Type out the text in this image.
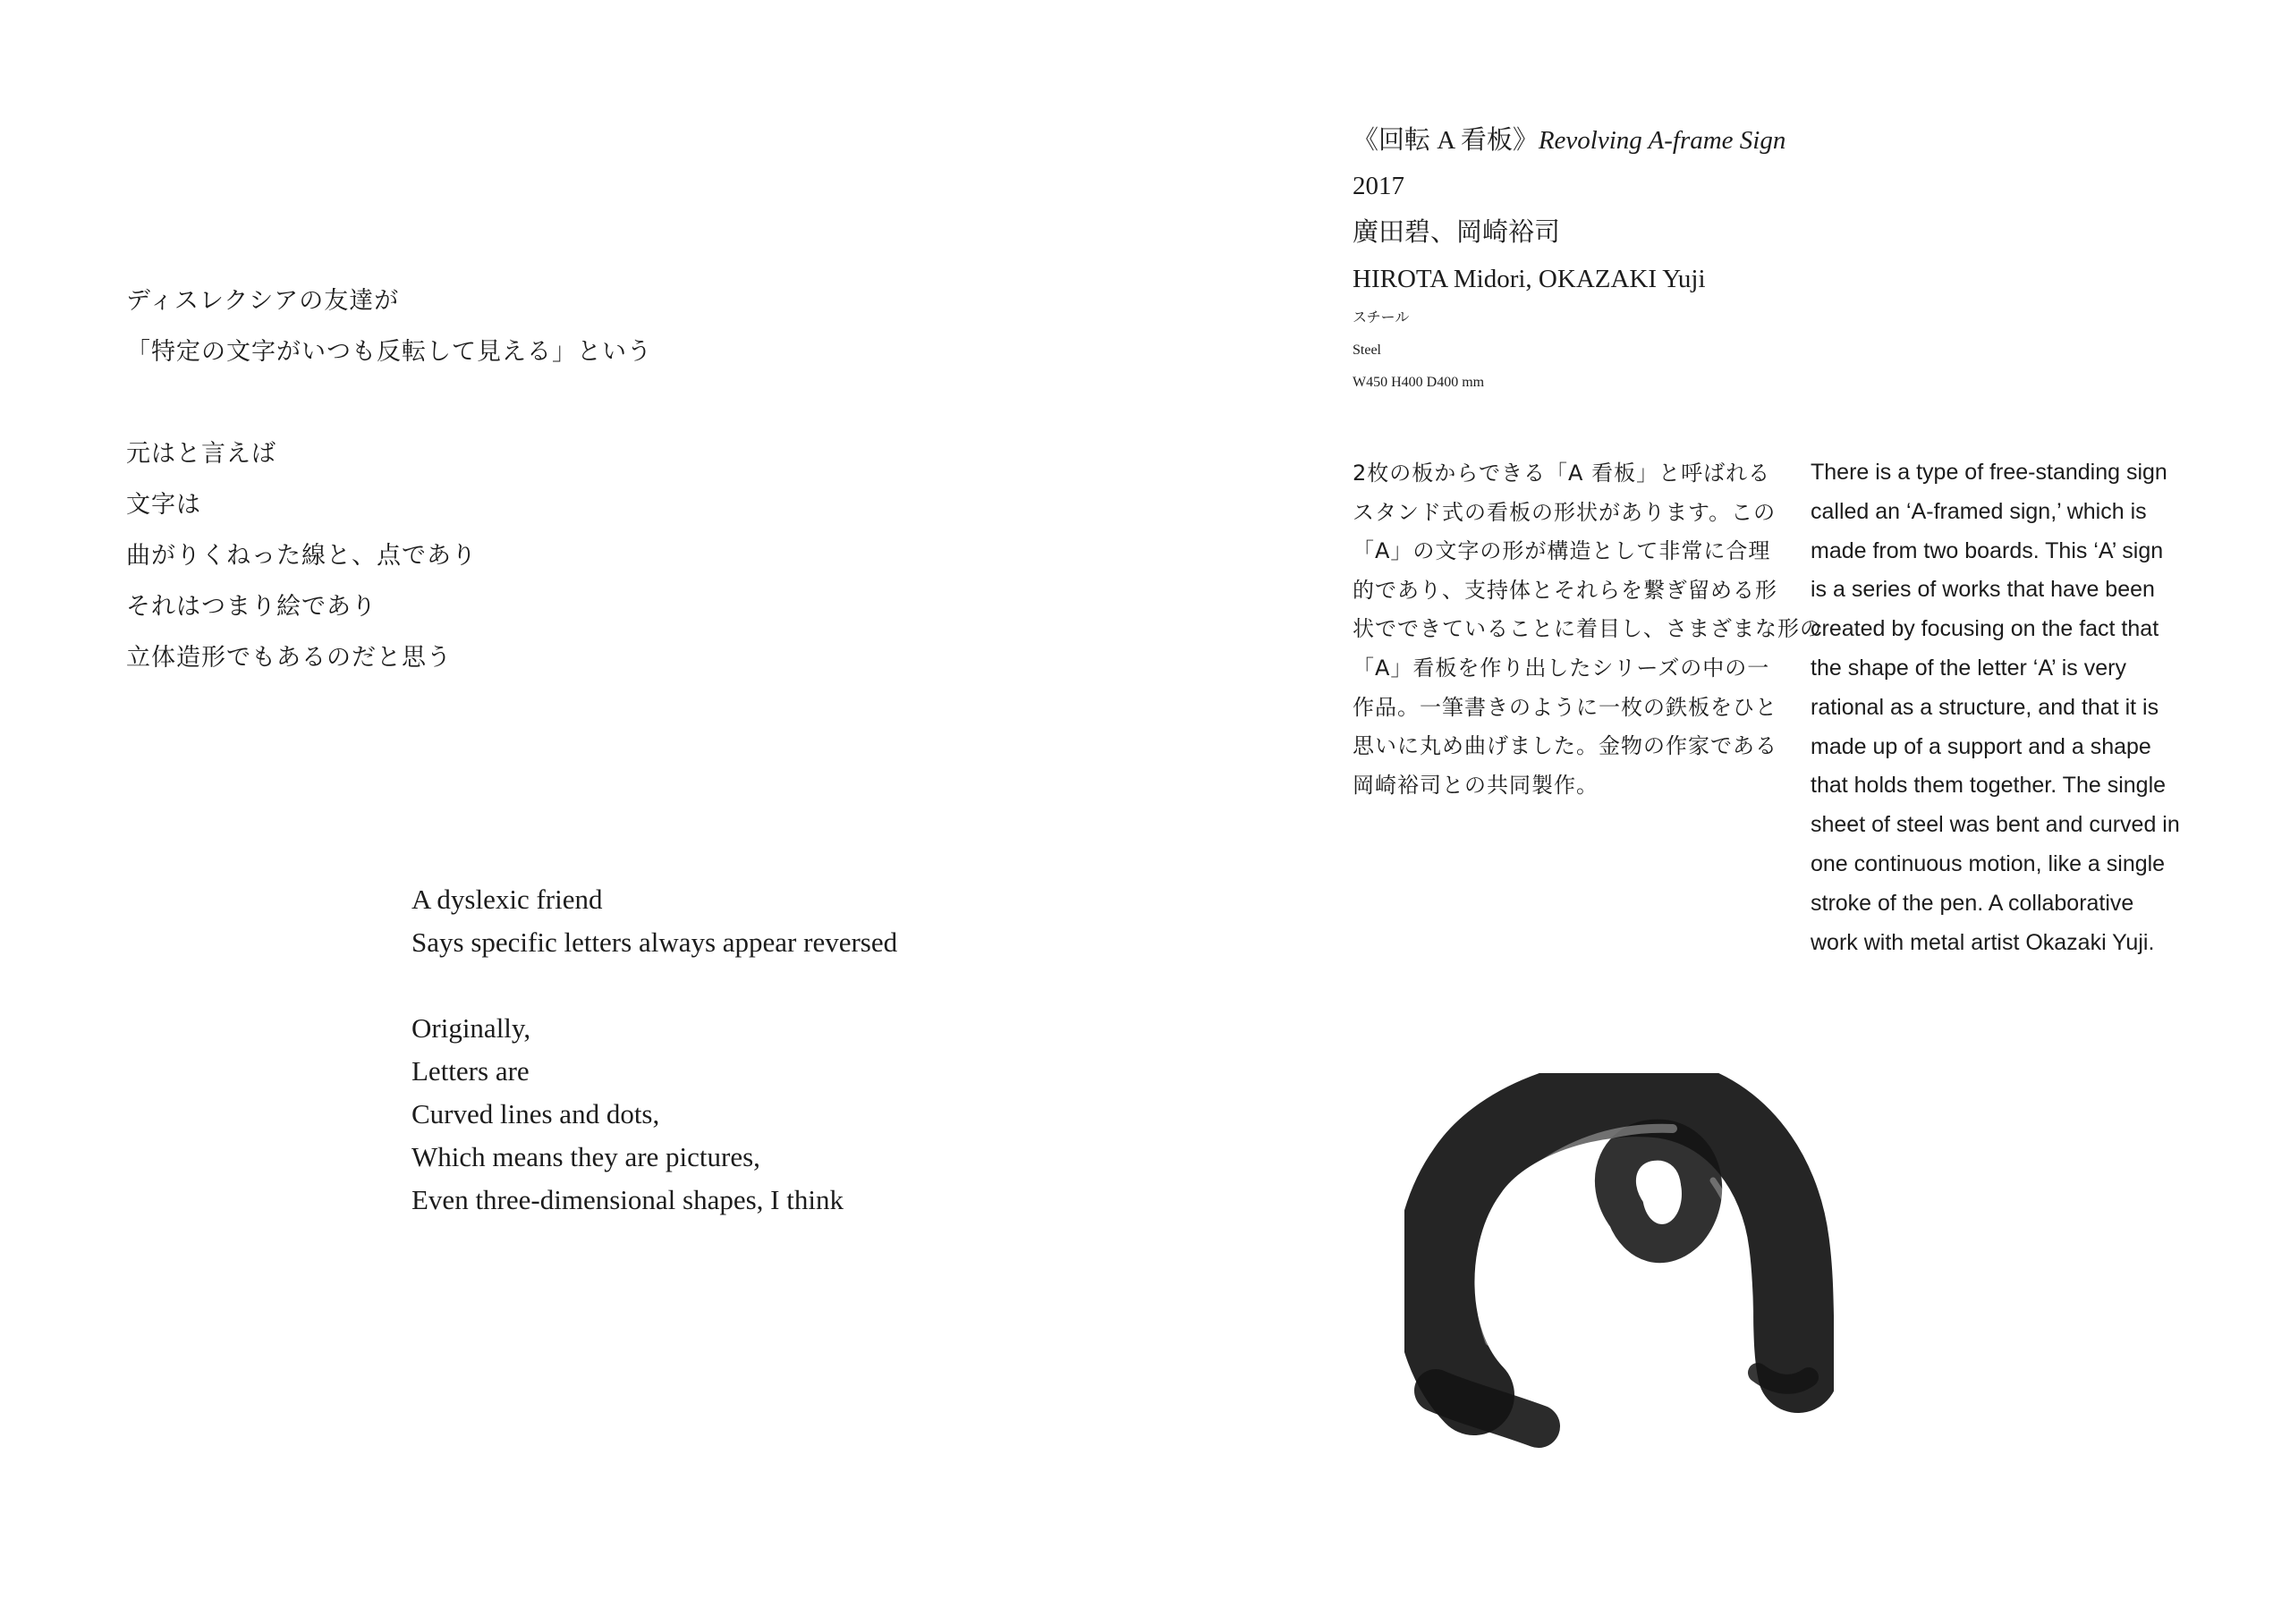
ディスレクシアの友達が
「特定の文字がいつも反転して見える」という
元はと言えば
文字は
曲がりくねった線と、点であり
それはつまり絵であり
立体造形でもあるのだと思う
A dyslexic friend
Says specific letters always appear reversed
Originally,
Letters are
Curved lines and dots,
Which means they are pictures,
Even three-dimensional shapes, I think
《回転 A 看板》Revolving A-frame Sign
2017
廣田碧、岡崎裕司
HIROTA Midori, OKAZAKI Yuji
スチール
Steel
W450 H400 D400 mm
2枚の板からできる「A 看板」と呼ばれる
スタンド式の看板の形状があります。この
「A」の文字の形が構造として非常に合理
的であり、支持体とそれらを繋ぎ留める形
状でできていることに着目し、さまざまな形の
「A」看板を作り出したシリーズの中の一
作品。一筆書きのように一枚の鉄板をひと
思いに丸め曲げました。金物の作家である
岡崎裕司との共同製作。
There is a type of free-standing sign
called an ‘A-framed sign,’ which is
made from two boards. This ‘A’ sign
is a series of works that have been
created by focusing on the fact that
the shape of the letter ‘A’ is very
rational as a structure, and that it is
made up of a support and a shape
that holds them together. The single
sheet of steel was bent and curved in
one continuous motion, like a single
stroke of the pen. A collaborative
work with metal artist Okazaki Yuji.
